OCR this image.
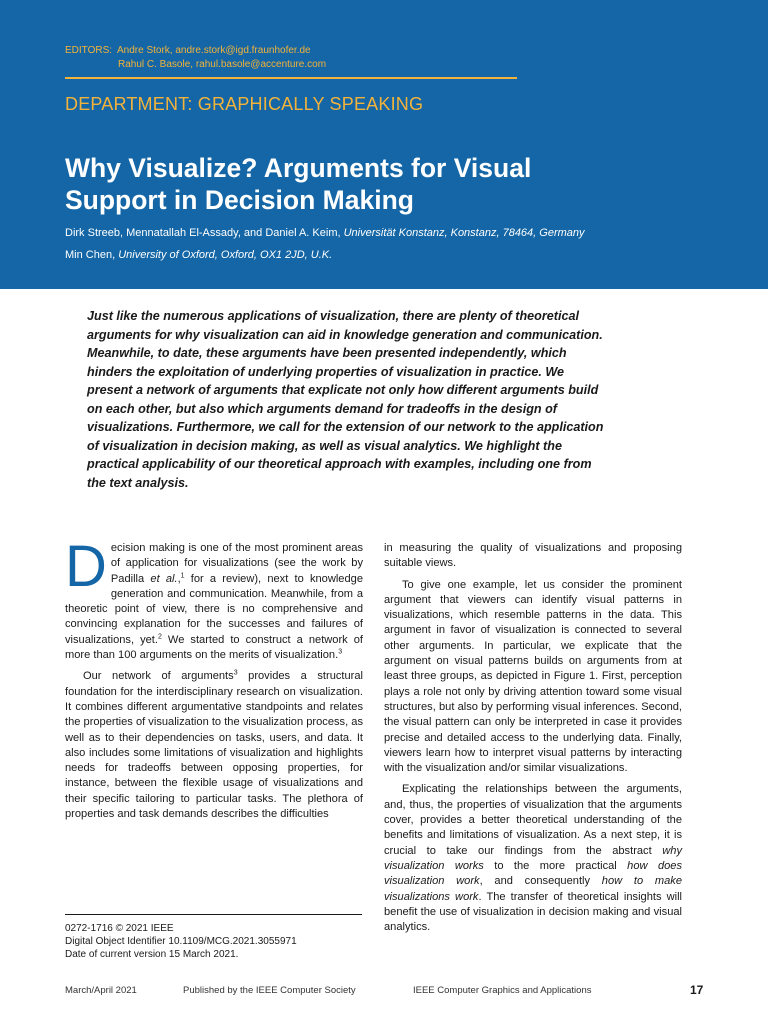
EDITORS: Andre Stork, andre.stork@igd.fraunhofer.de
Rahul C. Basole, rahul.basole@accenture.com
DEPARTMENT: GRAPHICALLY SPEAKING
Why Visualize? Arguments for Visual
Support in Decision Making
Dirk Streeb, Mennatallah El-Assady, and Daniel A. Keim, Universität Konstanz, Konstanz, 78464, Germany
Min Chen, University of Oxford, Oxford, OX1 2JD, U.K.
Just like the numerous applications of visualization, there are plenty of theoretical arguments for why visualization can aid in knowledge generation and communication. Meanwhile, to date, these arguments have been presented independently, which hinders the exploitation of underlying properties of visualization in practice. We present a network of arguments that explicate not only how different arguments build on each other, but also which arguments demand for tradeoffs in the design of visualizations. Furthermore, we call for the extension of our network to the application of visualization in decision making, as well as visual analytics. We highlight the practical applicability of our theoretical approach with examples, including one from the text analysis.

Decision making is one of the most prominent areas of application for visualizations (see the work by Padilla et al.,$^1$ for a review), next to knowledge generation and communication. Meanwhile, from a theoretic point of view, there is no comprehensive and convincing explanation for the successes and failures of visualizations, yet.$^2$ We started to construct a network of more than 100 arguments on the merits of visualization.$^3$

Our network of arguments$^3$ provides a structural foundation for the interdisciplinary research on visualization. It combines different argumentative standpoints and relates the properties of visualization to the visualization process, as well as to their dependencies on tasks, users, and data. It also includes some limitations of visualization and highlights needs for tradeoffs between opposing properties, for instance, between the flexible usage of visualizations and their specific tailoring to particular tasks. The plethora of properties and task demands describes the difficulties

in measuring the quality of visualizations and proposing suitable views.

To give one example, let us consider the prominent argument that viewers can identify visual patterns in visualizations, which resemble patterns in the data. This argument in favor of visualization is connected to several other arguments. In particular, we explicate that the argument on visual patterns builds on arguments from at least three groups, as depicted in Figure 1. First, perception plays a role not only by driving attention toward some visual structures, but also by performing visual inferences. Second, the visual pattern can only be interpreted in case it provides precise and detailed access to the underlying data. Finally, viewers learn how to interpret visual patterns by interacting with the visualization and/or similar visualizations.

Explicating the relationships between the arguments, and, thus, the properties of visualization that the arguments cover, provides a better theoretical understanding of the benefits and limitations of visualization. As a next step, it is crucial to take our findings from the abstract why visualization works to the more practical how does visualization work, and consequently how to make visualizations work. The transfer of theoretical insights will benefit the use of visualization in decision making and visual analytics.

0272-1716 © 2021 IEEE
Digital Object Identifier 10.1109/MCG.2021.3055971
Date of current version 15 March 2021.
March/April 2021	Published by the IEEE Computer Society	IEEE Computer Graphics and Applications	17
